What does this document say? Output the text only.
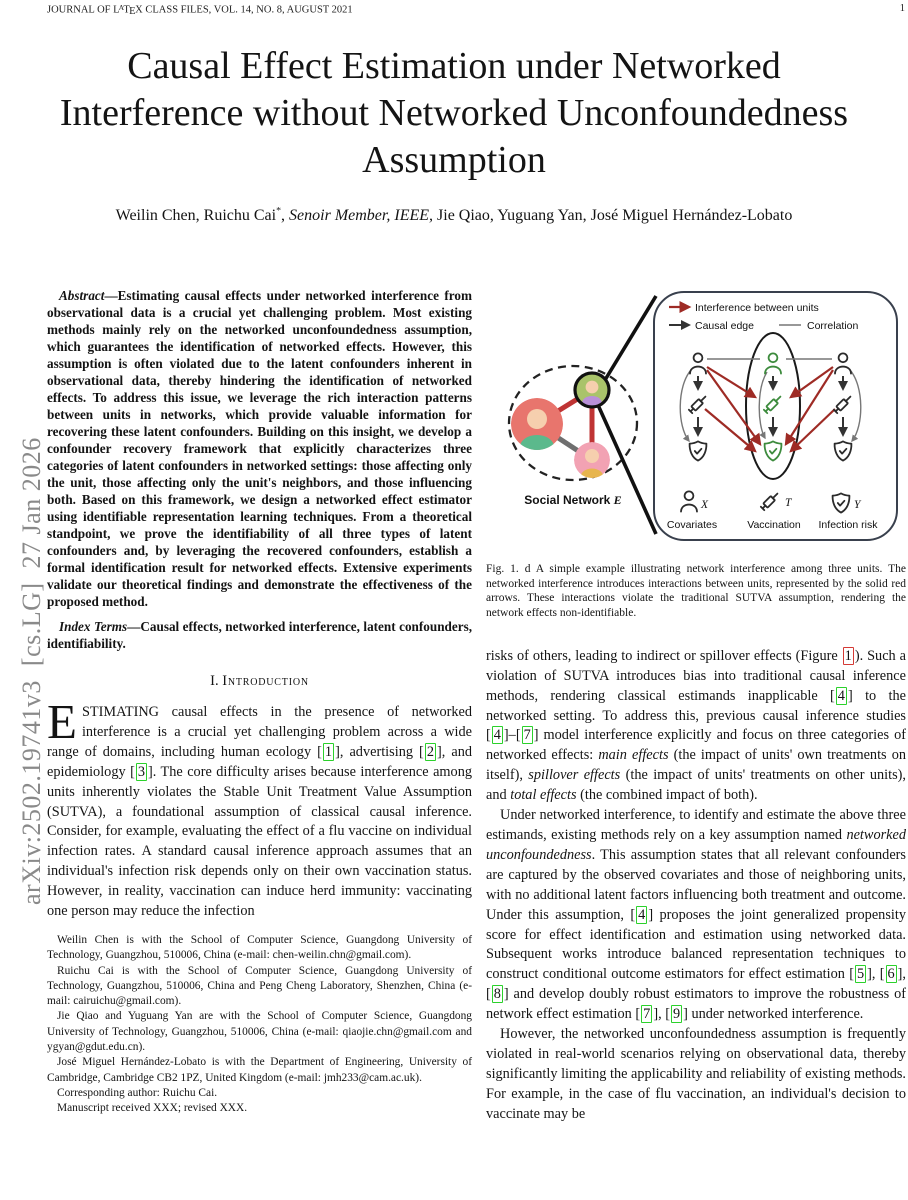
JOURNAL OF $L^ATEX$ CLASS FILES, VOL. 14, NO. 8, AUGUST 2021	1
arXiv:2502.19741v3  [cs.LG]  27 Jan 2026
Causal Effect Estimation under Networked
Interference without Networked Unconfoundedness
Assumption
Weilin Chen, Ruichu Cai*, Senoir Member, IEEE, Jie Qiao, Yuguang Yan, José Miguel Hernández-Lobato

Abstract—Estimating causal effects under networked interference from observational data is a crucial yet challenging problem. Most existing methods mainly rely on the networked unconfoundedness assumption, which guarantees the identification of networked effects. However, this assumption is often violated due to the latent confounders inherent in observational data, thereby hindering the identification of networked effects. To address this issue, we leverage the rich interaction patterns between units in networks, which provide valuable information for recovering these latent confounders. Building on this insight, we develop a confounder recovery framework that explicitly characterizes three categories of latent confounders in networked settings: those affecting only the unit, those affecting only the unit's neighbors, and those influencing both. Based on this framework, we design a networked effect estimator using identifiable representation learning techniques. From a theoretical standpoint, we prove the identifiability of all three types of latent confounders and, by leveraging the recovered confounders, establish a formal identification result for networked effects. Extensive experiments validate our theoretical findings and demonstrate the effectiveness of the proposed method.

Index Terms—Causal effects, networked interference, latent confounders, identifiability.

I. Introduction

ESTIMATING causal effects in the presence of networked interference is a crucial yet challenging problem across a wide range of domains, including human ecology [ 1 ], advertising [ 2 ], and epidemiology [ 3 ]. The core difficulty arises because interference among units inherently violates the Stable Unit Treatment Value Assumption (SUTVA), a foundational assumption of classical causal inference. Consider, for example, evaluating the effect of a flu vaccine on individual infection rates. A standard causal inference approach assumes that an individual's infection risk depends only on their own vaccination status. However, in reality, vaccination can induce herd immunity: vaccinating one person may reduce the infection

Weilin Chen is with the School of Computer Science, Guangdong University of Technology, Guangzhou, 510006, China (e-mail: chen-weilin.chn@gmail.com).

Ruichu Cai is with the School of Computer Science, Guangdong University of Technology, Guangzhou, 510006, China and Peng Cheng Laboratory, Shenzhen, China (e-mail: cairuichu@gmail.com).

Jie Qiao and Yuguang Yan are with the School of Computer Science, Guangdong University of Technology, Guangzhou, 510006, China (e-mail: qiaojie.chn@gmail.com and ygyan@gdut.edu.cn).

José Miguel Hernández-Lobato is with the Department of Engineering, University of Cambridge, Cambridge CB2 1PZ, United Kingdom (e-mail: jmh233@cam.ac.uk).

Corresponding author: Ruichu Cai.

Manuscript received XXX; revised XXX.

Social Network E
Interference between units
Causal edge	Correlation
X
Covariates
T
Vaccination
Y
Infection risk
Fig. 1. d A simple example illustrating network interference among three units. The networked interference introduces interactions between units, represented by the solid red arrows. These interactions violate the traditional SUTVA assumption, rendering the network effects non-identifiable.

risks of others, leading to indirect or spillover effects (Figure 1 ). Such a violation of SUTVA introduces bias into traditional causal inference methods, rendering classical estimands inapplicable [ 4 ] to the networked setting. To address this, previous causal inference studies [ 4 ]–[ 7 ] model interference explicitly and focus on three categories of networked effects: main effects (the impact of units' own treatments on itself), spillover effects (the impact of units' treatments on other units), and total effects (the combined impact of both).

Under networked interference, to identify and estimate the above three estimands, existing methods rely on a key assumption named networked unconfoundedness. This assumption states that all relevant confounders are captured by the observed covariates and those of neighboring units, with no additional latent factors influencing both treatment and outcome. Under this assumption, [ 4 ] proposes the joint generalized propensity score for effect identification and estimation using networked data. Subsequent works introduce balanced representation techniques to construct conditional outcome estimators for effect estimation [ 5 ], [ 6 ], [ 8 ] and develop doubly robust estimators to improve the robustness of network effect estimation [ 7 ], [ 9 ] under networked interference.

However, the networked unconfoundedness assumption is frequently violated in real-world scenarios relying on observational data, thereby significantly limiting the applicability and reliability of existing methods. For example, in the case of flu vaccination, an individual's decision to vaccinate may be
